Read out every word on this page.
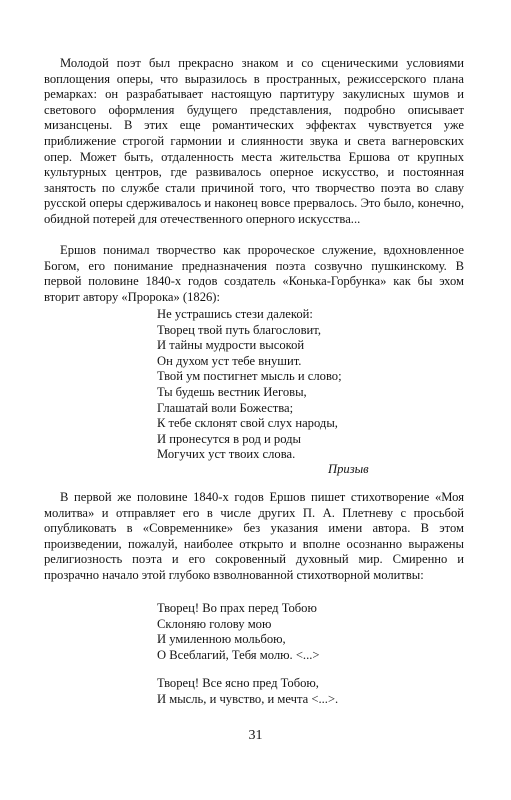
Молодой поэт был прекрасно знаком и со сценическими условиями воплощения оперы, что выразилось в пространных, режиссерского плана ремарках: он разрабатывает настоящую партитуру закулисных шумов и светового оформления будущего представления, подробно описывает мизансцены. В этих еще романтических эффектах чувствуется уже приближение строгой гармонии и слиянности звука и света вагнеровских опер. Может быть, отдаленность места жительства Ершова от крупных культурных центров, где развивалось оперное искусство, и постоянная занятость по службе стали причиной того, что творчество поэта во славу русской оперы сдерживалось и наконец вовсе прервалось. Это было, конечно, обидной потерей для отечественного оперного искусства...

Ершов понимал творчество как пророческое служение, вдохновленное Богом, его понимание предназначения поэта созвучно пушкинскому. В первой половине 1840-х годов создатель «Конька-Горбунка» как бы эхом вторит автору «Пророка» (1826):

Не устрашись стези далекой:
Творец твой путь благословит,
И тайны мудрости высокой
Он духом уст тебе внушит.
Твой ум постигнет мысль и слово;
Ты будешь вестник Иеговы,
Глашатай воли Божества;
К тебе склонят свой слух народы,
И пронесутся в род и роды
Могучих уст твоих слова.
Призыв

В первой же половине 1840-х годов Ершов пишет стихотворение «Моя молитва» и отправляет его в числе других П. А. Плетневу с просьбой опубликовать в «Современнике» без указания имени автора. В этом произведении, пожалуй, наиболее открыто и вполне осознанно выражены религиозность поэта и его сокровенный духовный мир. Смиренно и прозрачно начало этой глубоко взволнованной стихотворной молитвы:

Творец! Во прах перед Тобою
Склоняю голову мою
И умиленною мольбою,
О Всеблагий, Тебя молю. <...>
Творец! Все ясно пред Тобою,
И мысль, и чувство, и мечта <...>.
31
